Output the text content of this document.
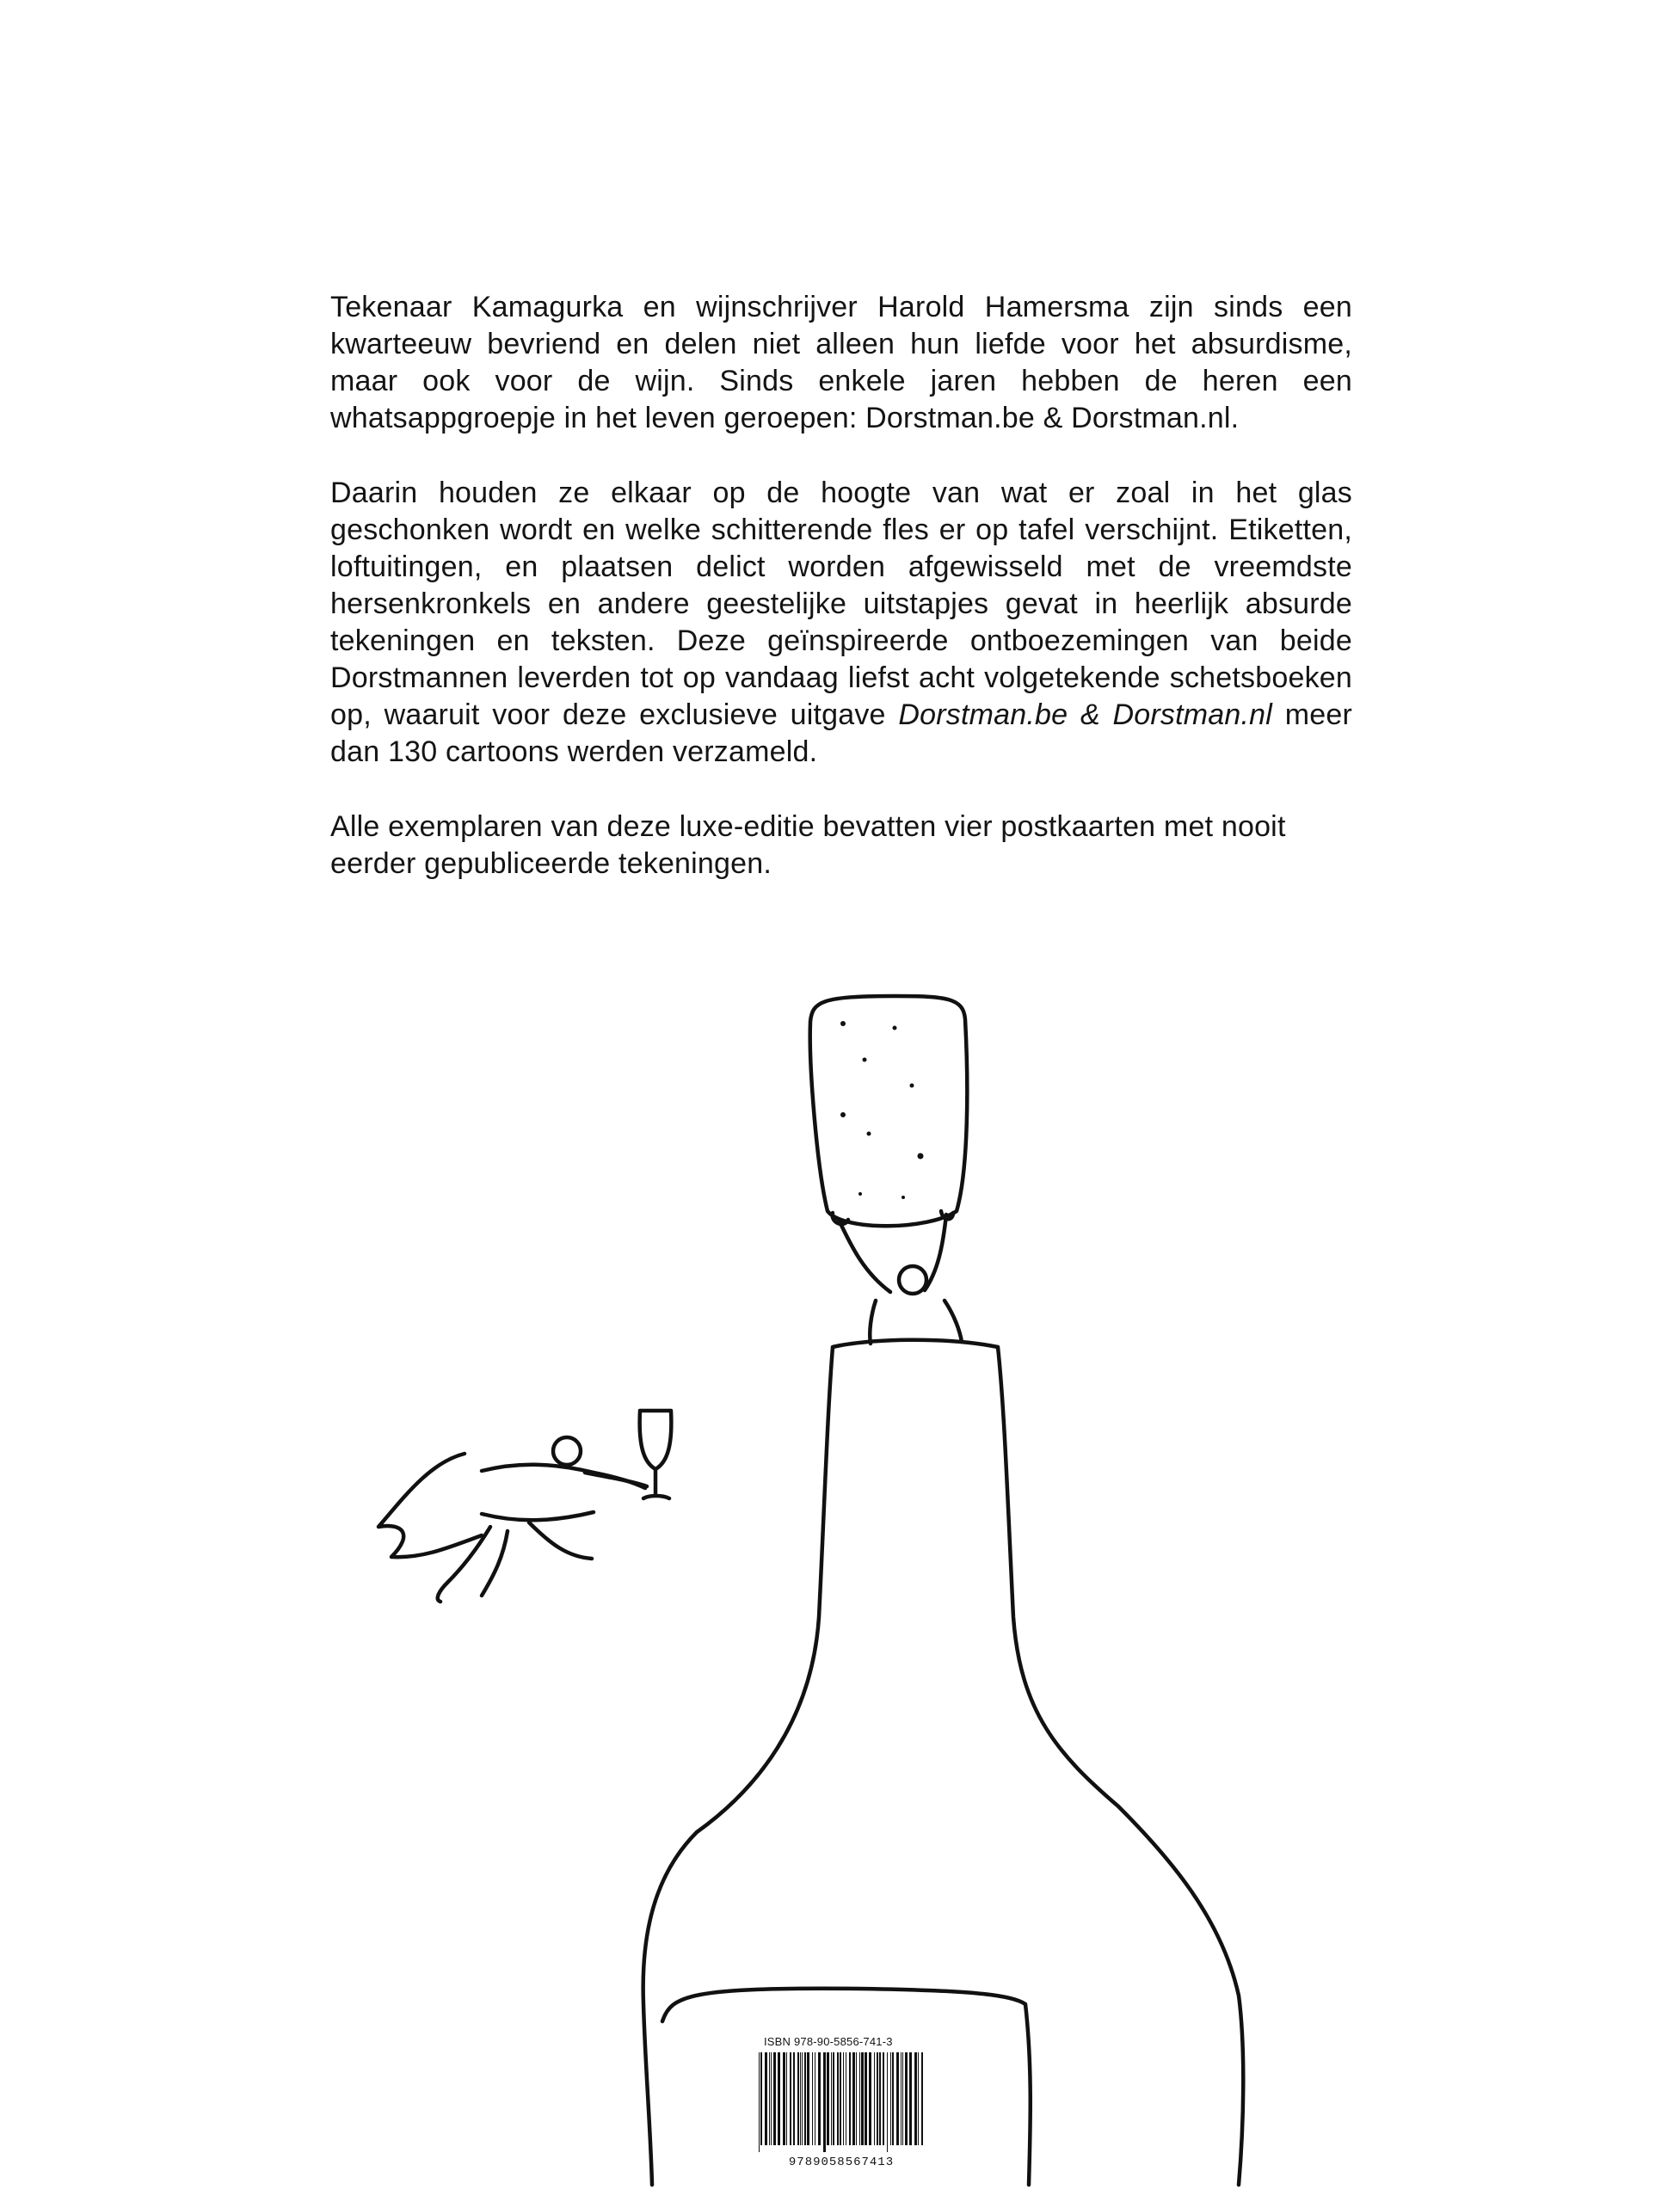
Tekenaar Kamagurka en wijnschrijver Harold Hamersma zijn sinds een kwarteeuw bevriend en delen niet alleen hun liefde voor het absurdisme, maar ook voor de wijn. Sinds enkele jaren hebben de heren een whatsappgroepje in het leven geroepen: Dorstman.be & Dorstman.nl.

Daarin houden ze elkaar op de hoogte van wat er zoal in het glas geschonken wordt en welke schitterende fles er op tafel verschijnt. Etiketten, loftuitingen, en plaatsen delict worden afgewisseld met de vreemdste hersenkronkels en andere geestelijke uitstapjes gevat in heerlijk absurde tekeningen en teksten. Deze geïnspireerde ontboezemingen van beide Dorstmannen leverden tot op vandaag liefst acht volgetekende schetsboeken op, waaruit voor deze exclusieve uitgave Dorstman.be & Dorstman.nl meer dan 130 cartoons werden verzameld.

Alle exemplaren van deze luxe-editie bevatten vier postkaarten met nooit eerder gepubliceerde tekeningen.

ISBN 978-90-5856-741-3
9789058567413
